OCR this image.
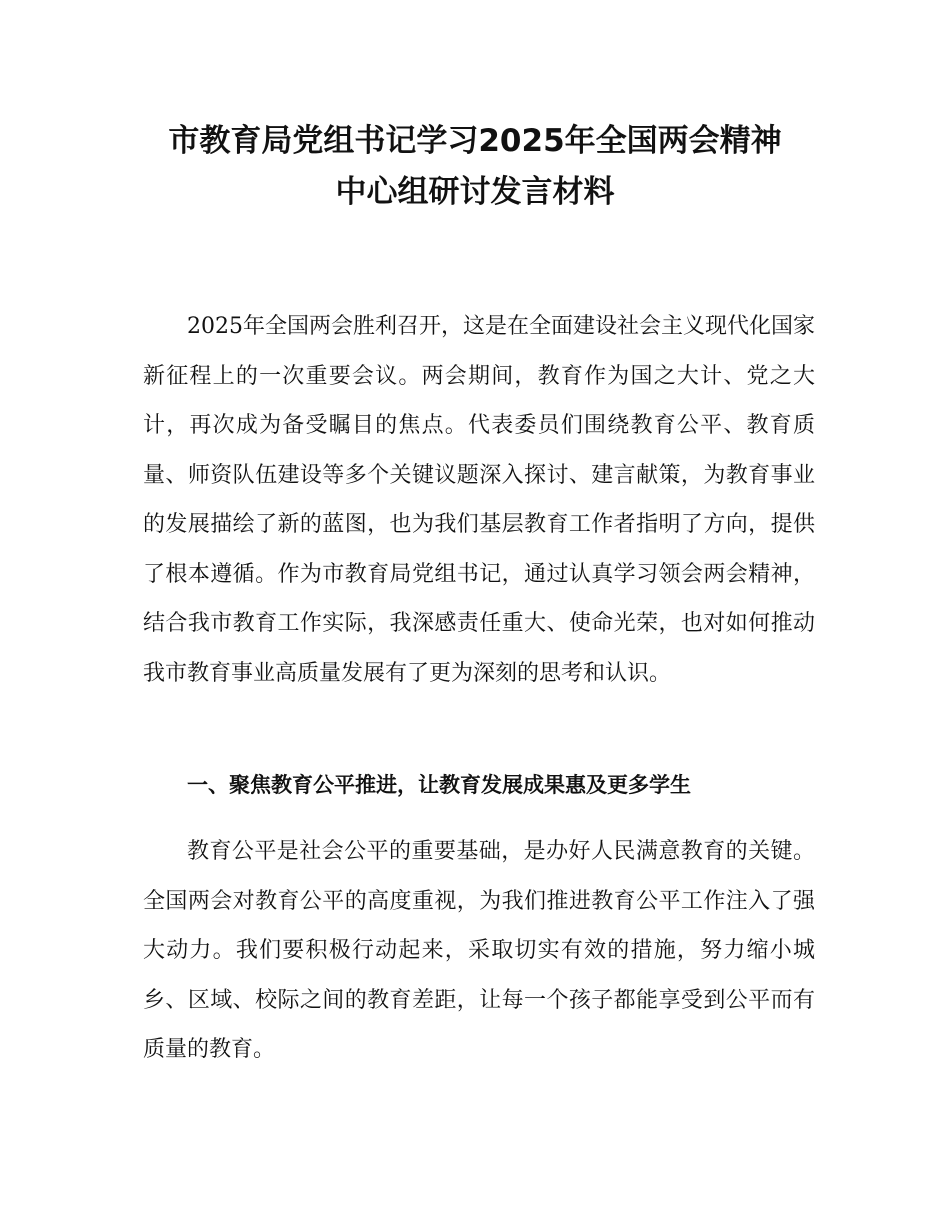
市教育局党组书记学习2025年全国两会精神
中心组研讨发言材料

2025年全国两会胜利召开，这是在全面建设社会主义现代化国家新征程上的一次重要会议。两会期间，教育作为国之大计、党之大计，再次成为备受瞩目的焦点。代表委员们围绕教育公平、教育质量、师资队伍建设等多个关键议题深入探讨、建言献策，为教育事业的发展描绘了新的蓝图，也为我们基层教育工作者指明了方向，提供了根本遵循。作为市教育局党组书记，通过认真学习领会两会精神，结合我市教育工作实际，我深感责任重大、使命光荣，也对如何推动我市教育事业高质量发展有了更为深刻的思考和认识。

一、聚焦教育公平推进，让教育发展成果惠及更多学生

教育公平是社会公平的重要基础，是办好人民满意教育的关键。全国两会对教育公平的高度重视，为我们推进教育公平工作注入了强大动力。我们要积极行动起来，采取切实有效的措施，努力缩小城乡、区域、校际之间的教育差距，让每一个孩子都能享受到公平而有质量的教育。
